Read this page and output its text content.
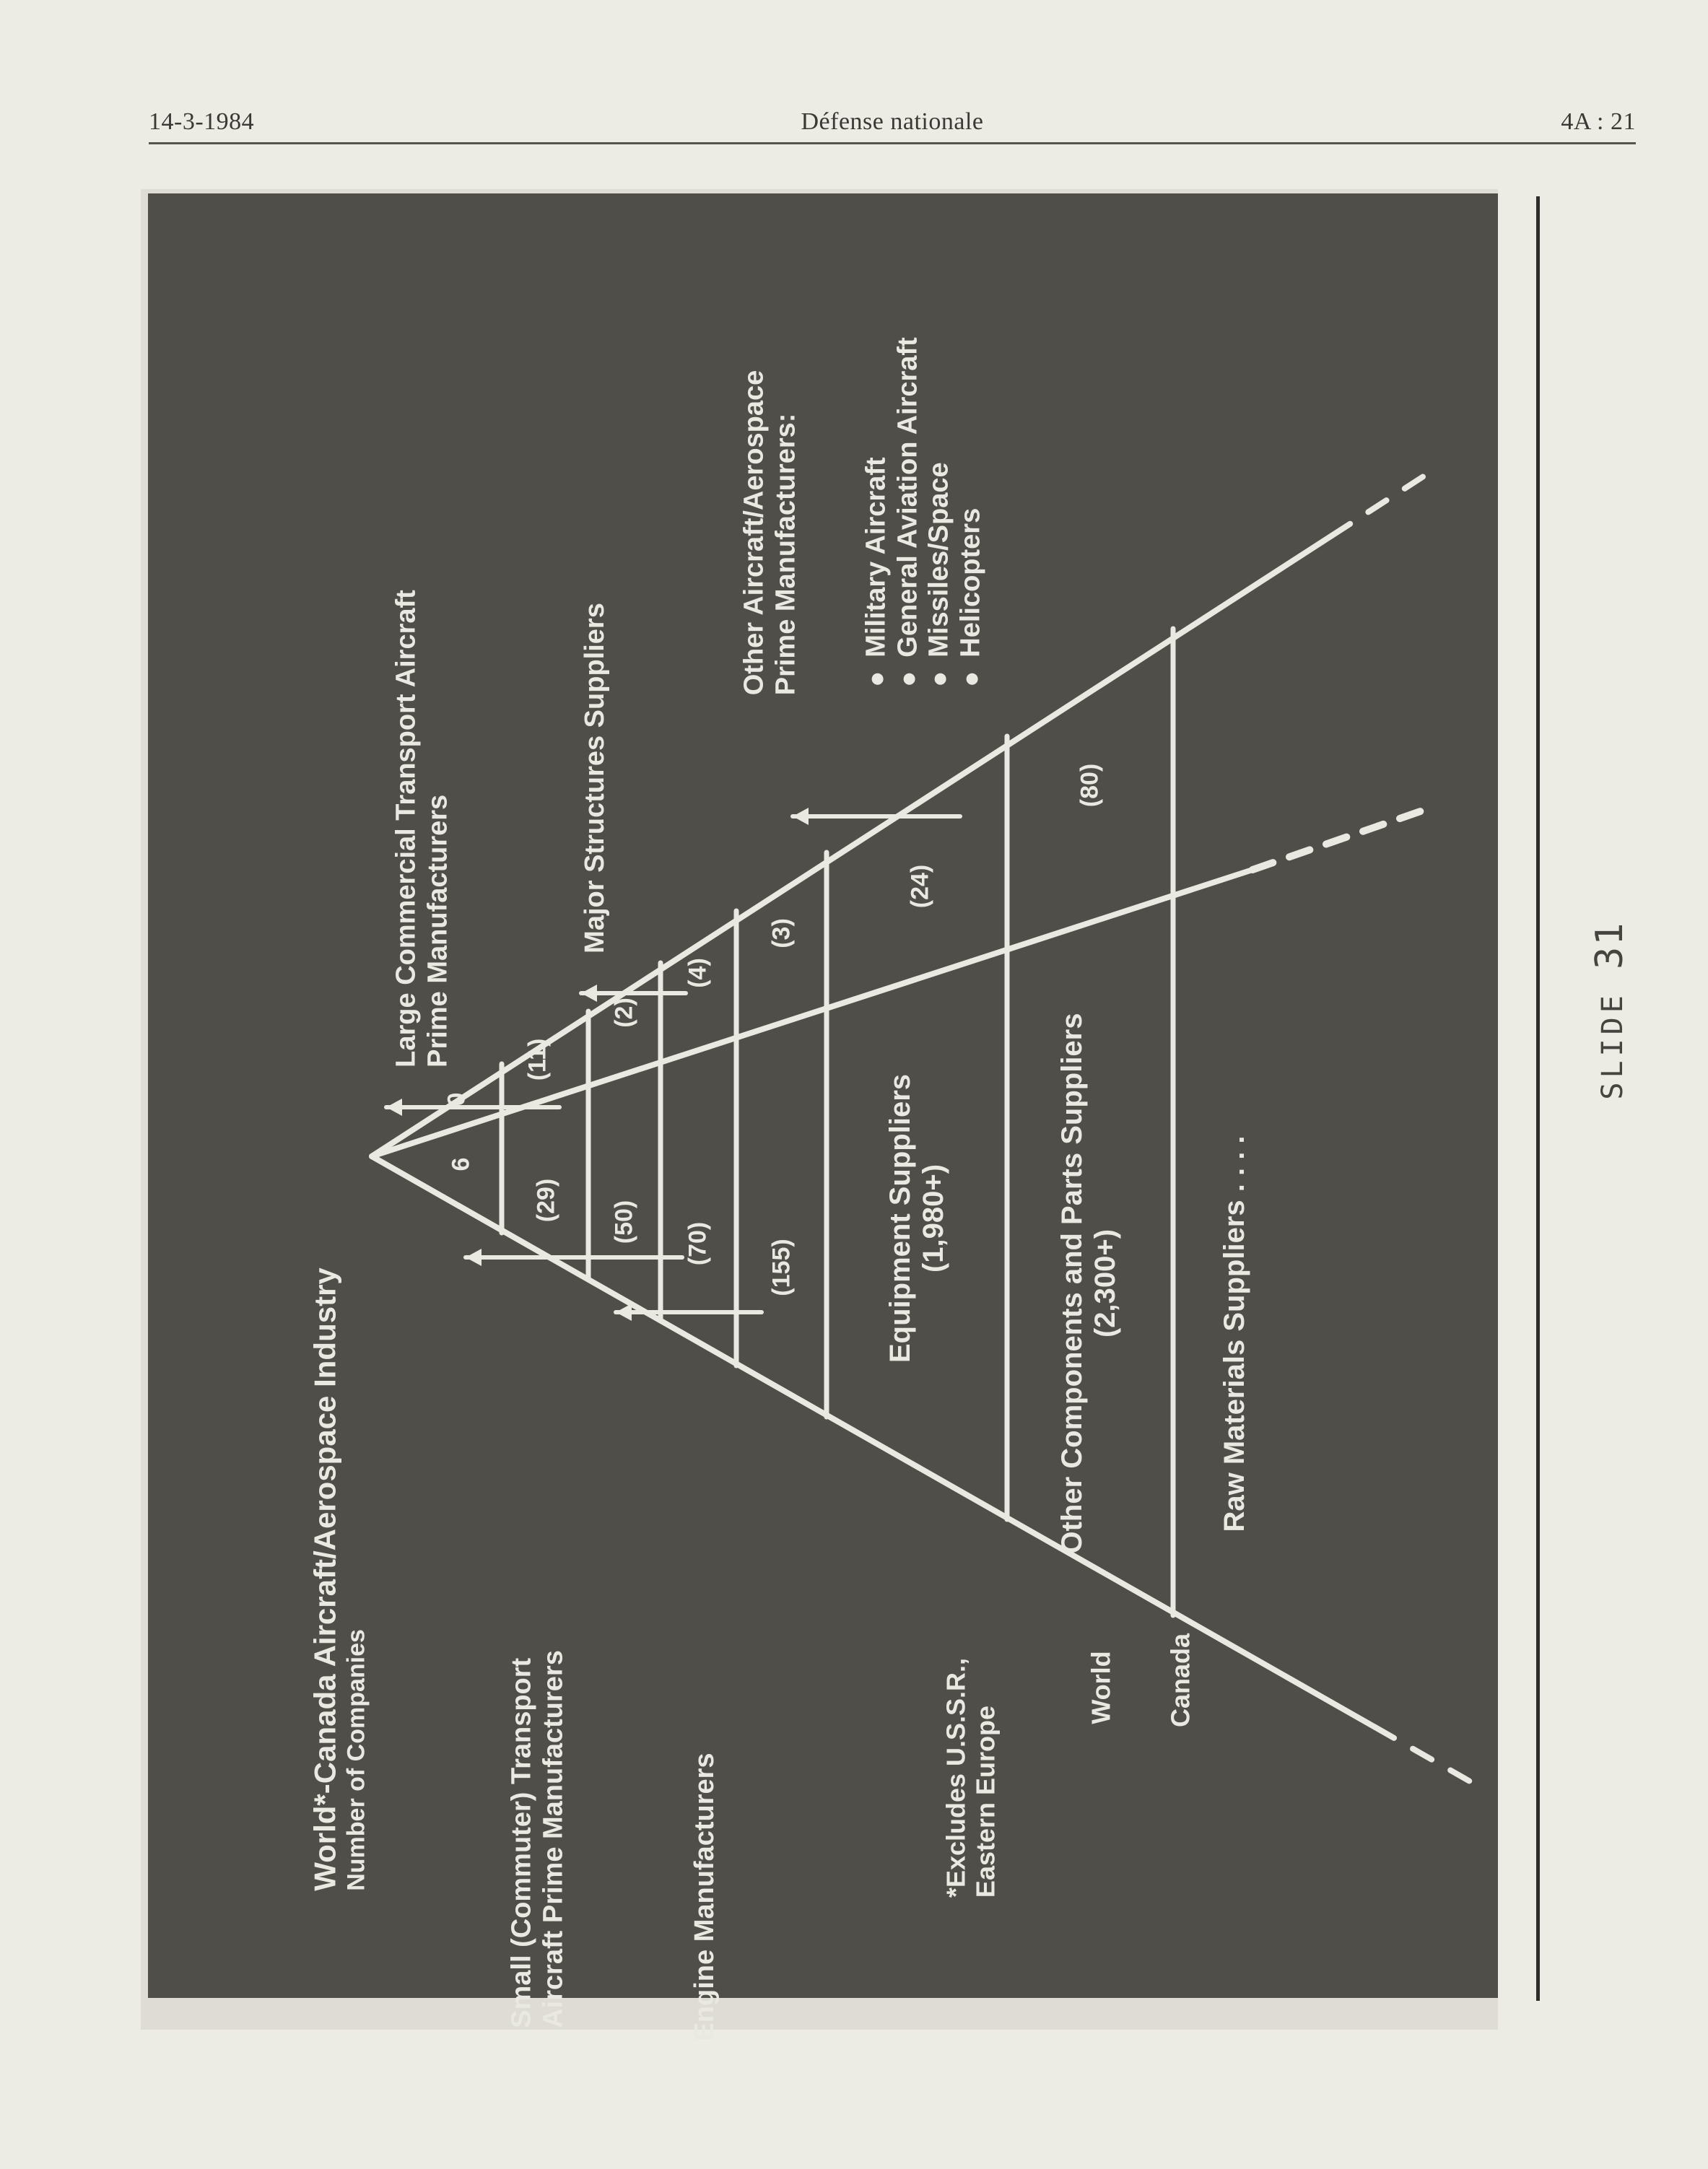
14-3-1984	Défense nationale	4A : 21
World*-Canada Aircraft/Aerospace Industry Number of Companies	Small (Commuter) Transport Aircraft Prime Manufacturers	Engine Manufacturers
Large Commercial Transport Aircraft Prime Manufacturers	Major Structures Suppliers
Other Aircraft/Aerospace Prime Manufacturers: Military Aircraft General Aviation Aircraft Missiles/Space Helicopters
6
(29) (50) (70) (155)
0
(11)
(2)
(4)
(3)
Equipment Suppliers (1,980+)
(24)
Other Components and Parts Suppliers (2,300+)
(80)
Raw Materials Suppliers . . . .
*Excludes U.S.S.R., Eastern Europe
World Canada
SLIDE 31
